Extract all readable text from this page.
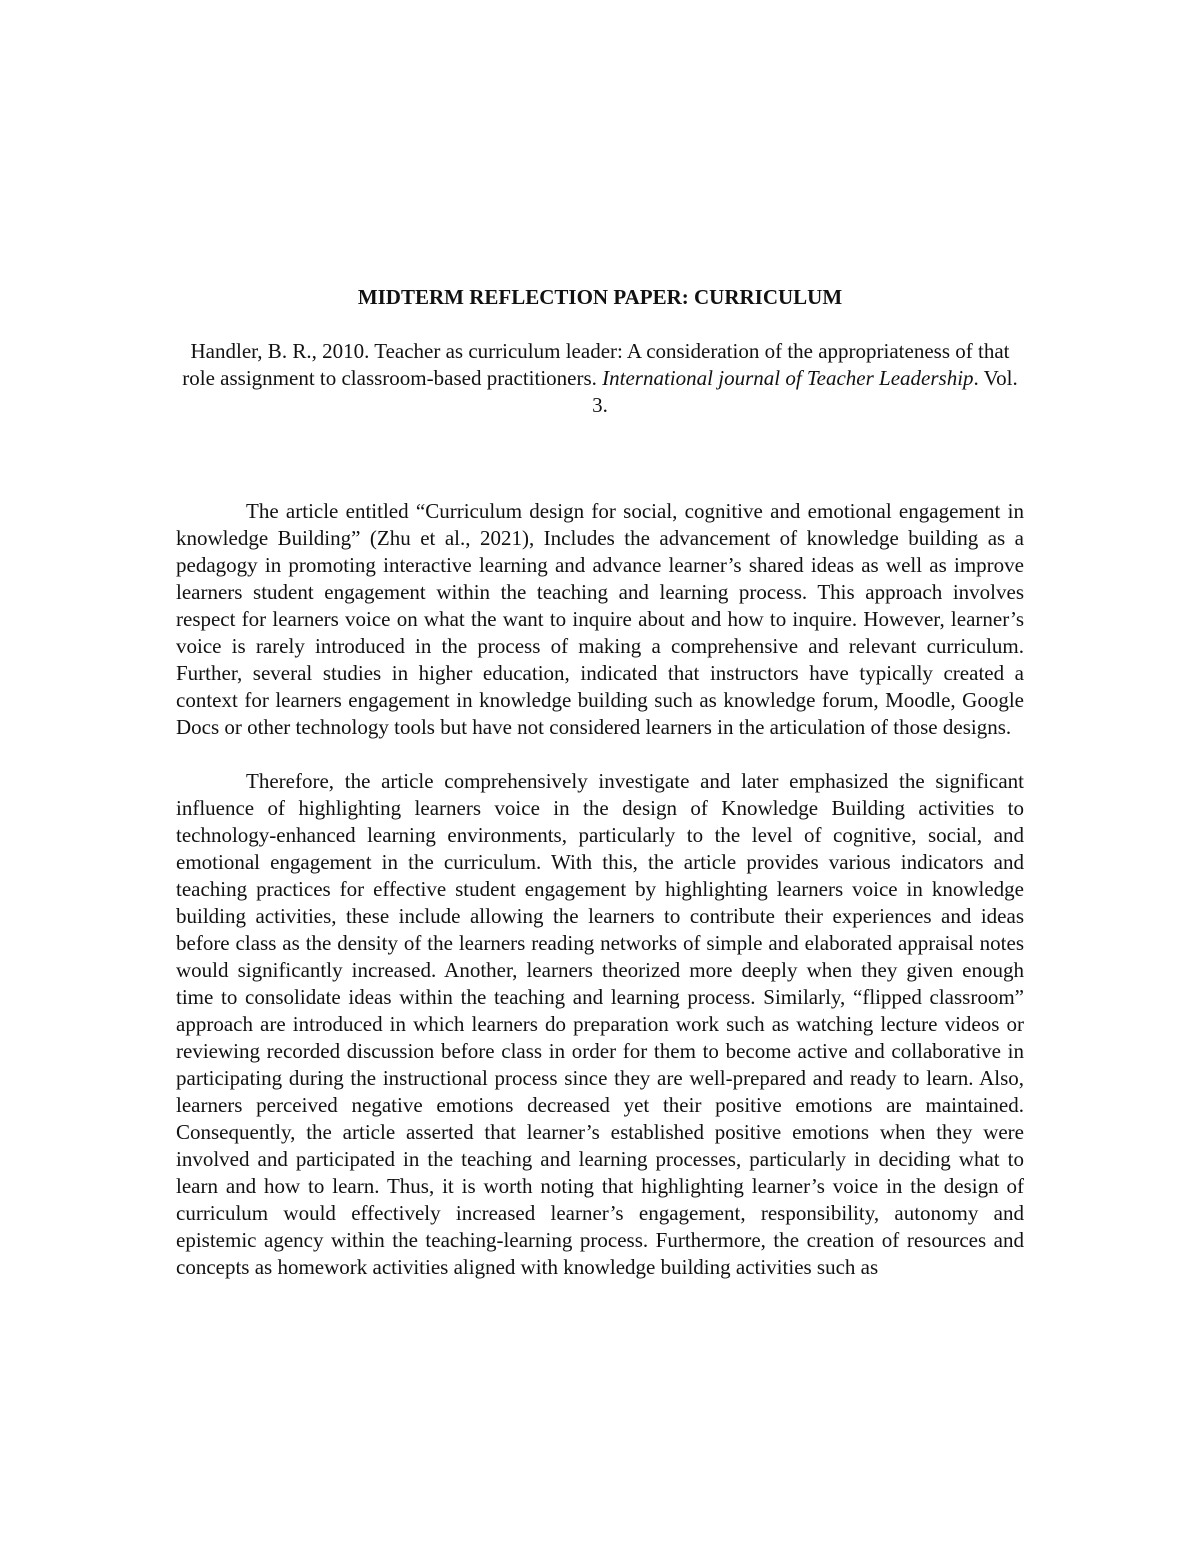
MIDTERM REFLECTION PAPER: CURRICULUM

Handler, B. R., 2010. Teacher as curriculum leader: A consideration of the appropriateness of that role assignment to classroom-based practitioners. International journal of Teacher Leadership. Vol. 3.

The article entitled “Curriculum design for social, cognitive and emotional engagement in knowledge Building” (Zhu et al., 2021), Includes the advancement of knowledge building as a pedagogy in promoting interactive learning and advance learner’s shared ideas as well as improve learners student engagement within the teaching and learning process. This approach involves respect for learners voice on what the want to inquire about and how to inquire. However, learner’s voice is rarely introduced in the process of making a comprehensive and relevant curriculum. Further, several studies in higher education, indicated that instructors have typically created a context for learners engagement in knowledge building such as knowledge forum, Moodle, Google Docs or other technology tools but have not considered learners in the articulation of those designs.

Therefore, the article comprehensively investigate and later emphasized the significant influence of highlighting learners voice in the design of Knowledge Building activities to technology-enhanced learning environments, particularly to the level of cognitive, social, and emotional engagement in the curriculum. With this, the article provides various indicators and teaching practices for effective student engagement by highlighting learners voice in knowledge building activities, these include allowing the learners to contribute their experiences and ideas before class as the density of the learners reading networks of simple and elaborated appraisal notes would significantly increased. Another, learners theorized more deeply when they given enough time to consolidate ideas within the teaching and learning process. Similarly, “flipped classroom” approach are introduced in which learners do preparation work such as watching lecture videos or reviewing recorded discussion before class in order for them to become active and collaborative in participating during the instructional process since they are well-prepared and ready to learn. Also, learners perceived negative emotions decreased yet their positive emotions are maintained. Consequently, the article asserted that learner’s established positive emotions when they were involved and participated in the teaching and learning processes, particularly in deciding what to learn and how to learn. Thus, it is worth noting that highlighting learner’s voice in the design of curriculum would effectively increased learner’s engagement, responsibility, autonomy and epistemic agency within the teaching-learning process. Furthermore, the creation of resources and concepts as homework activities aligned with knowledge building activities such as
